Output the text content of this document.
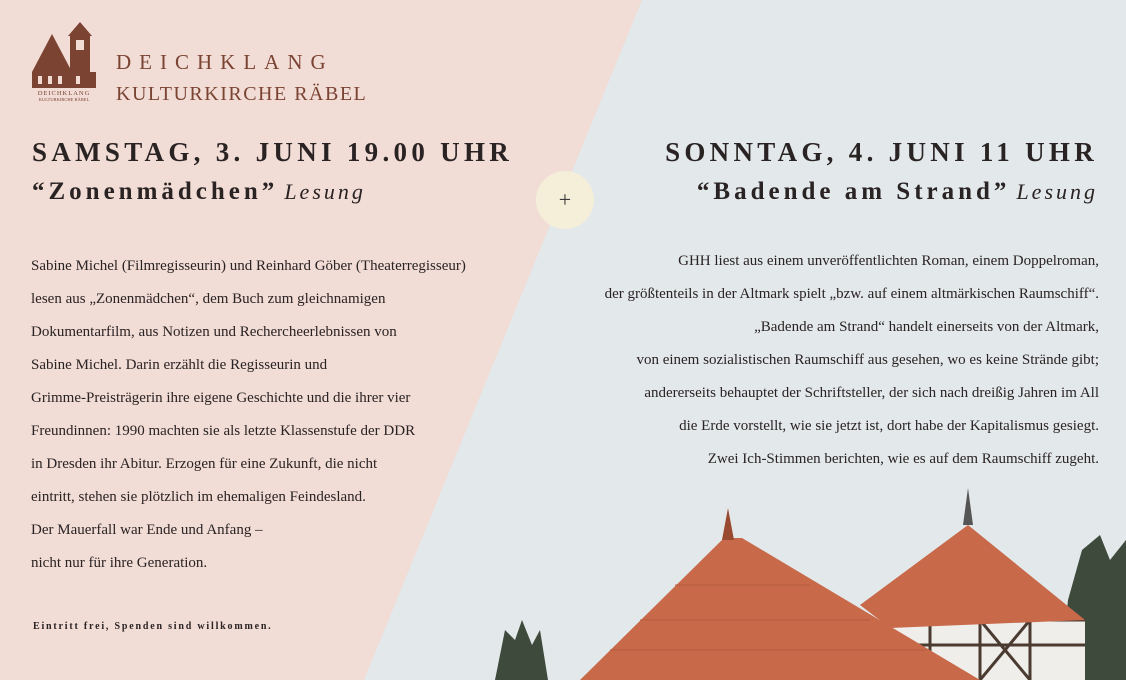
DEICHKLANG
KULTURKIRCHE RÄBEL
DEICHKLANG
KULTURKIRCHE RÄBEL
SAMSTAG, 3. JUNI 19.00 UHR
“Zonenmädchen” Lesung	+
SONNTAG, 4. JUNI 11 UHR
“Badende am Strand” Lesung
Sabine Michel (Filmregisseurin) und Reinhard Göber (Theaterregisseur)
lesen aus „Zonenmädchen“, dem Buch zum gleichnamigen
Dokumentarfilm, aus Notizen und Rechercheerlebnissen von
Sabine Michel. Darin erzählt die Regisseurin und
Grimme-Preisträgerin ihre eigene Geschichte und die ihrer vier
Freundinnen: 1990 machten sie als letzte Klassenstufe der DDR
in Dresden ihr Abitur. Erzogen für eine Zukunft, die nicht
eintritt, stehen sie plötzlich im ehemaligen Feindesland.
Der Mauerfall war Ende und Anfang –
nicht nur für ihre Generation.
GHH liest aus einem unveröffentlichten Roman, einem Doppelroman,
der größtenteils in der Altmark spielt „bzw. auf einem altmärkischen Raumschiff“.
„Badende am Strand“ handelt einerseits von der Altmark,
von einem sozialistischen Raumschiff aus gesehen, wo es keine Strände gibt;
andererseits behauptet der Schriftsteller, der sich nach dreißig Jahren im All
die Erde vorstellt, wie sie jetzt ist, dort habe der Kapitalismus gesiegt.
Zwei Ich-Stimmen berichten, wie es auf dem Raumschiff zugeht.
Eintritt frei, Spenden sind willkommen.
